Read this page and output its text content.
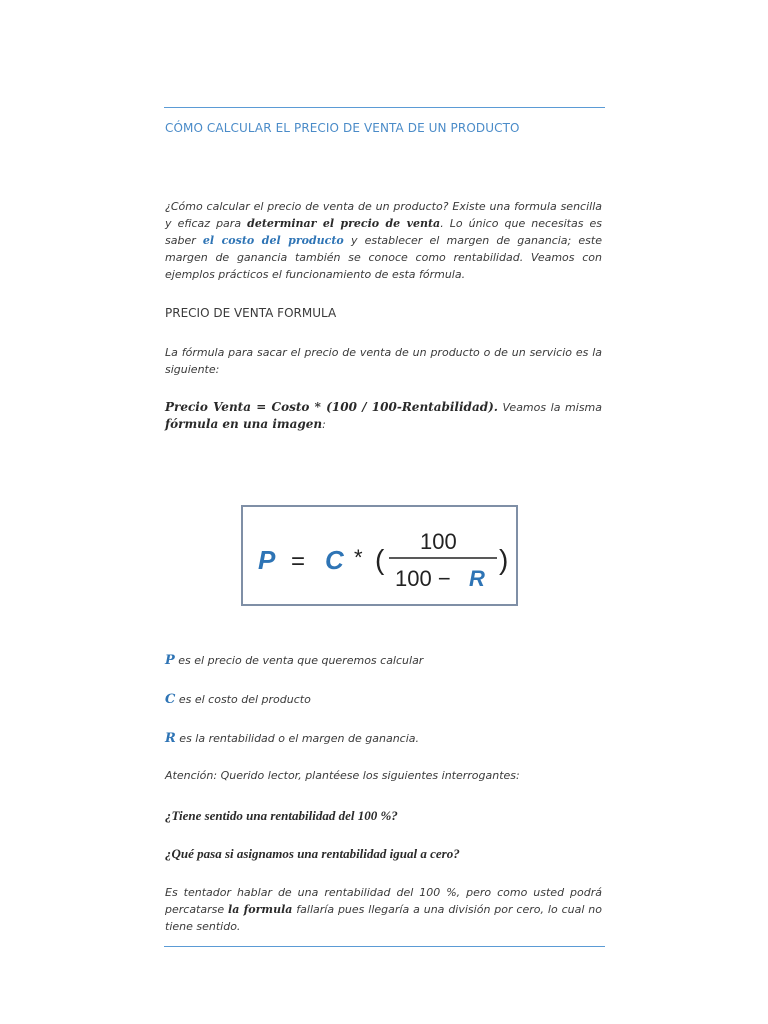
CÓMO CALCULAR EL PRECIO DE VENTA DE UN PRODUCTO
¿Cómo calcular el precio de venta de un producto? Existe una formula sencilla y eficaz para determinar el precio de venta. Lo único que necesitas es saber el costo del producto y establecer el margen de ganancia; este margen de ganancia también se conoce como rentabilidad. Veamos con ejemplos prácticos el funcionamiento de esta fórmula.
PRECIO DE VENTA FORMULA
La fórmula para sacar el precio de venta de un producto o de un servicio es la siguiente:
Precio Venta = Costo * (100 / 100-Rentabilidad). Veamos la misma fórmula en una imagen:
P = C * (
100
100 − R
)
P es el precio de venta que queremos calcular
C es el costo del producto
R es la rentabilidad o el margen de ganancia.
Atención: Querido lector, plantéese los siguientes interrogantes:
¿Tiene sentido una rentabilidad del 100 %?
¿Qué pasa si asignamos una rentabilidad igual a cero?
Es tentador hablar de una rentabilidad del 100 %, pero como usted podrá percatarse la formula fallaría pues llegaría a una división por cero, lo cual no tiene sentido.
